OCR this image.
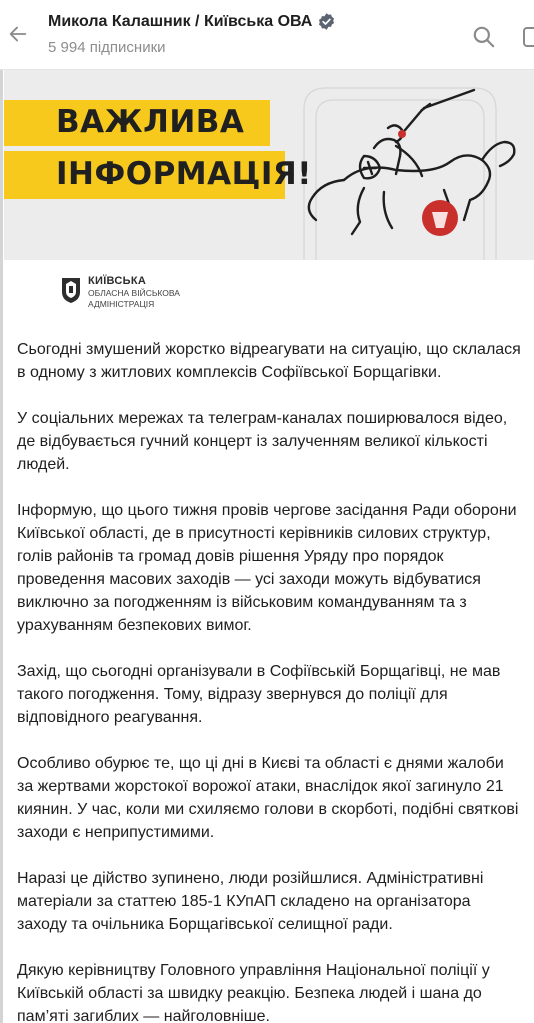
Микола Калашник / Київська ОВА
5 994 підписники
ВАЖЛИВА
ІНФОРМАЦІЯ!
КИЇВСЬКА
ОБЛАСНА ВІЙСЬКОВА
АДМІНІСТРАЦІЯ

Сьогодні змушений жорстко відреагувати на ситуацію, що склалася в одному з житлових комплексів Софіївської Борщагівки.

У соціальних мережах та телеграм-каналах поширювалося відео, де відбувається гучний концерт із залученням великої кількості людей.

Інформую, що цього тижня провів чергове засідання Ради оборони Київської області, де в присутності керівників силових структур, голів районів та громад довів рішення Уряду про порядок проведення масових заходів — усі заходи можуть відбуватися виключно за погодженням із військовим командуванням та з урахуванням безпекових вимог.

Захід, що сьогодні організували в Софіївській Борщагівці, не мав такого погодження. Тому, відразу звернувся до поліції для відповідного реагування.

Особливо обурює те, що ці дні в Києві та області є днями жалоби за жертвами жорстокої ворожої атаки, внаслідок якої загинуло 21 киянин. У час, коли ми схиляємо голови в скорботі, подібні святкові заходи є неприпустимими.

Наразі це дійство зупинено, люди розійшлися. Адміністративні матеріали за статтею 185-1 КУпАП складено на організатора заходу та очільника Борщагівської селищної ради.

Дякую керівництву Головного управління Національної поліції у Київській області за швидку реакцію. Безпека людей і шана до пам’яті загиблих — найголовніше.
